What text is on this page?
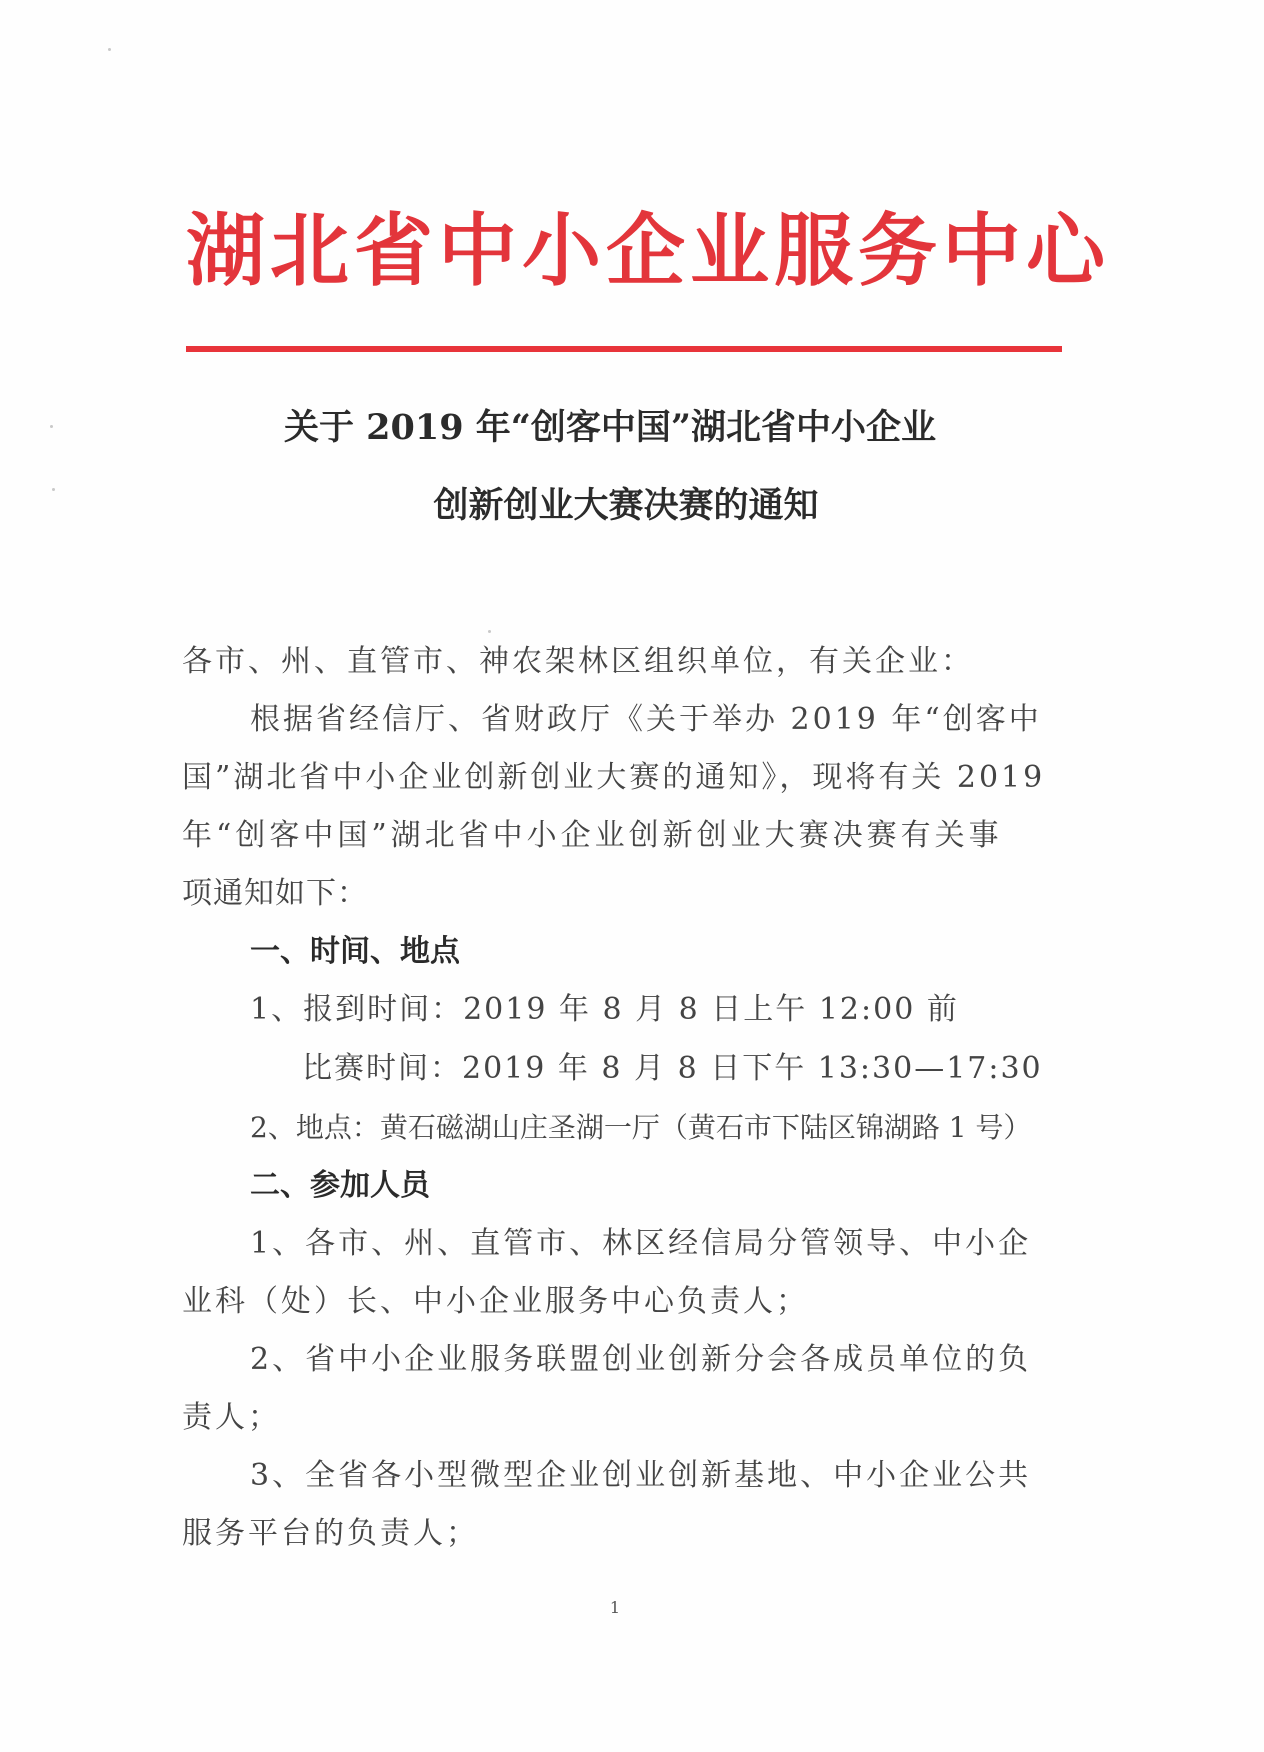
湖北省中小企业服务中心
关于 2019 年“创客中国”湖北省中小企业
创新创业大赛决赛的通知
各市、州、直管市、神农架林区组织单位，有关企业：
根据省经信厅、省财政厅《关于举办 2019 年“创客中
国”湖北省中小企业创新创业大赛的通知》，现将有关 2019
年“创客中国”湖北省中小企业创新创业大赛决赛有关事
项通知如下：
一、时间、地点
1、报到时间：2019 年 8 月 8 日上午 12:00 前
比赛时间：2019 年 8 月 8 日下午 13:30—17:30
2、地点：黄石磁湖山庄圣湖一厅（黄石市下陆区锦湖路 1 号）
二、参加人员
1、各市、州、直管市、林区经信局分管领导、中小企
业科（处）长、中小企业服务中心负责人；
2、省中小企业服务联盟创业创新分会各成员单位的负
责人；
3、全省各小型微型企业创业创新基地、中小企业公共
服务平台的负责人；
1
